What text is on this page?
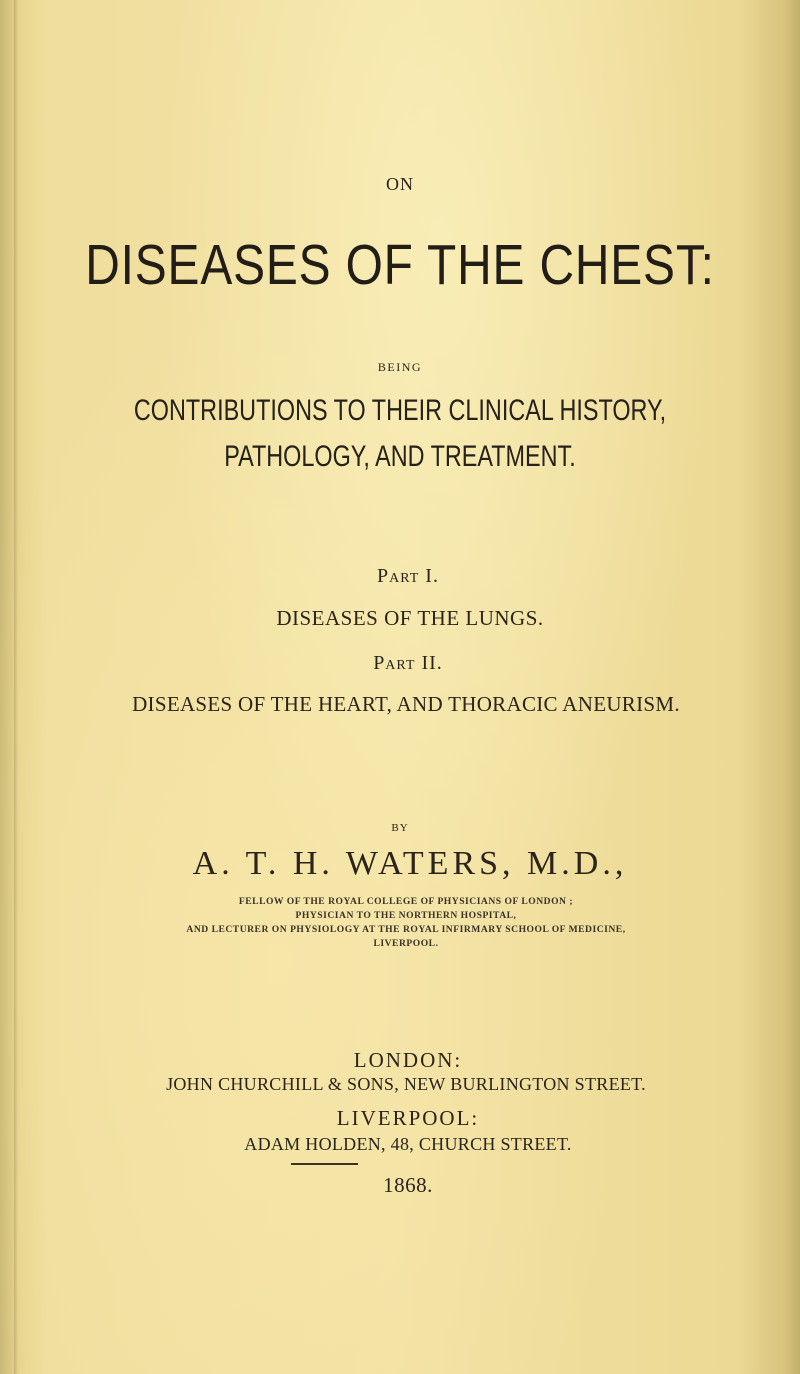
ON

DISEASES OF THE CHEST:

BEING

CONTRIBUTIONS TO THEIR CLINICAL HISTORY,

PATHOLOGY, AND TREATMENT.

Part I.

DISEASES OF THE LUNGS.

Part II.

DISEASES OF THE HEART, AND THORACIC ANEURISM.

BY

A. T. H. WATERS, M.D.,

FELLOW OF THE ROYAL COLLEGE OF PHYSICIANS OF LONDON ;

PHYSICIAN TO THE NORTHERN HOSPITAL,

AND LECTURER ON PHYSIOLOGY AT THE ROYAL INFIRMARY SCHOOL OF MEDICINE,

LIVERPOOL.

LONDON:

JOHN CHURCHILL & SONS, NEW BURLINGTON STREET.

LIVERPOOL:

ADAM HOLDEN, 48, CHURCH STREET.

1868.
